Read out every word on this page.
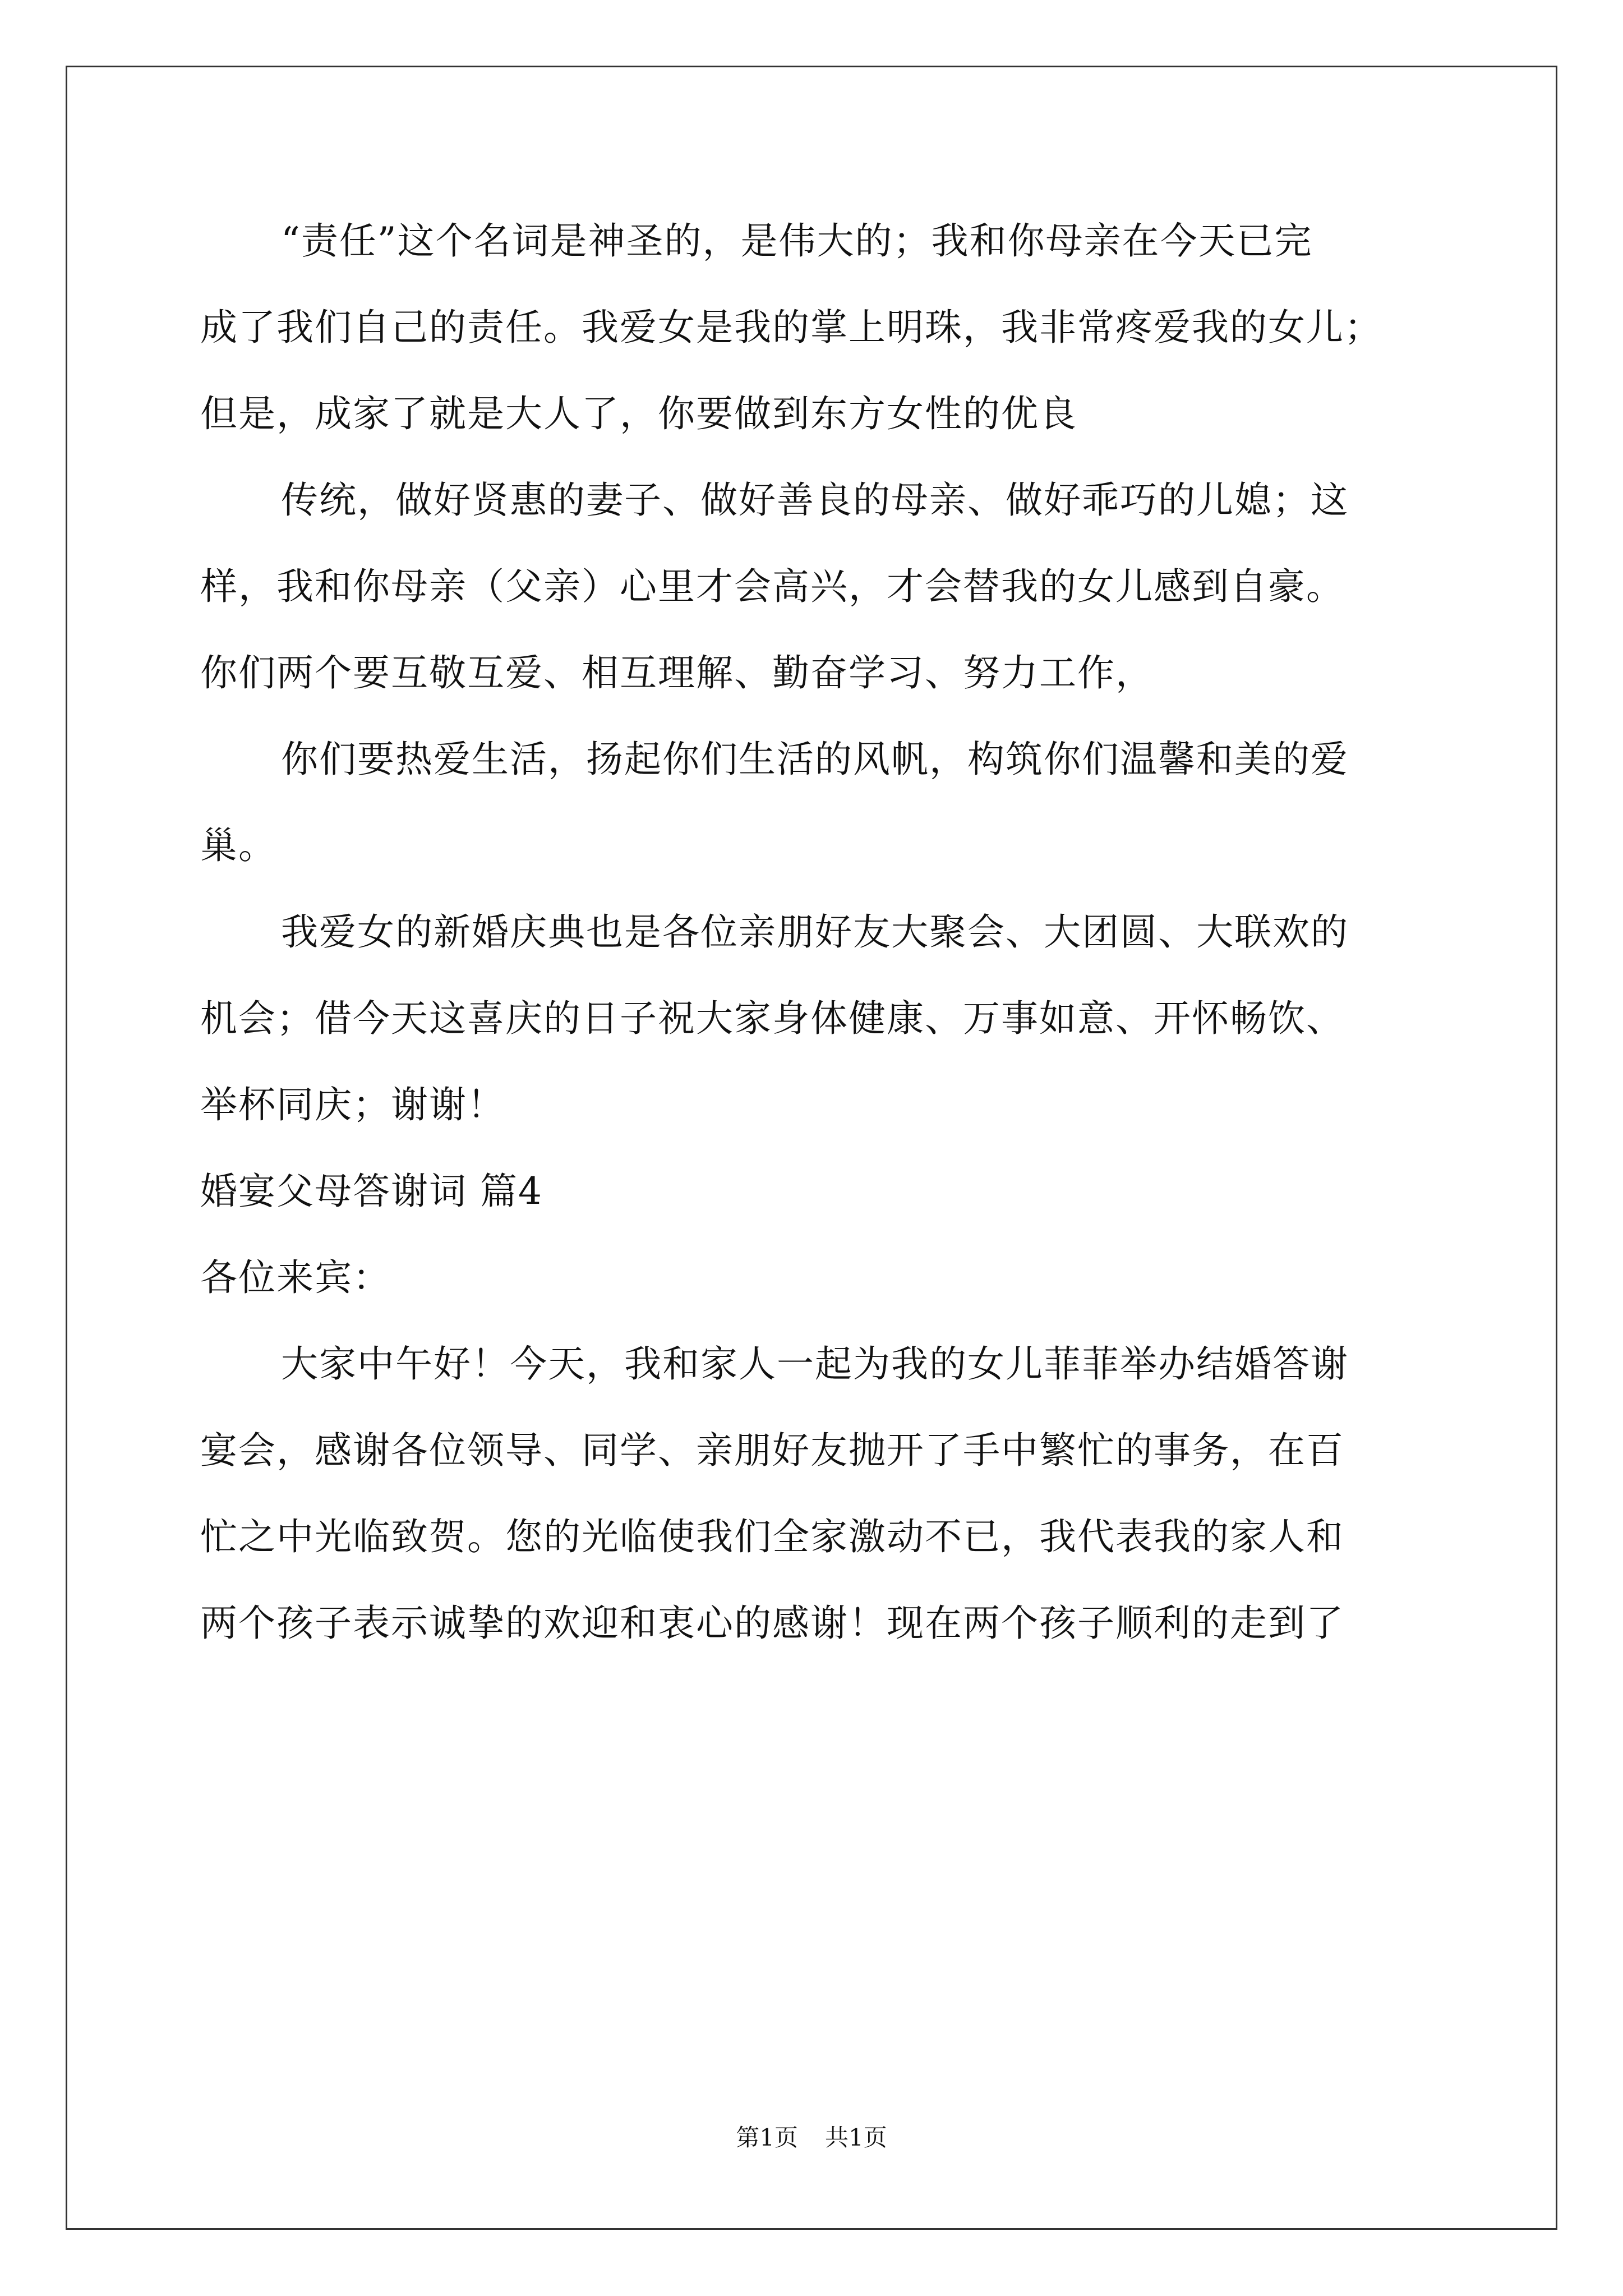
“责任”这个名词是神圣的，是伟大的；我和你母亲在今天已完
成了我们自己的责任。我爱女是我的掌上明珠，我非常疼爱我的女儿；
但是，成家了就是大人了，你要做到东方女性的优良
传统，做好贤惠的妻子、做好善良的母亲、做好乖巧的儿媳；这
样，我和你母亲（父亲）心里才会高兴，才会替我的女儿感到自豪。
你们两个要互敬互爱、相互理解、勤奋学习、努力工作，
你们要热爱生活，扬起你们生活的风帆，构筑你们温馨和美的爱
巢。
我爱女的新婚庆典也是各位亲朋好友大聚会、大团圆、大联欢的
机会；借今天这喜庆的日子祝大家身体健康、万事如意、开怀畅饮、
举杯同庆；谢谢！
婚宴父母答谢词 篇4
各位来宾：
大家中午好！今天，我和家人一起为我的女儿菲菲举办结婚答谢
宴会，感谢各位领导、同学、亲朋好友抛开了手中繁忙的事务，在百
忙之中光临致贺。您的光临使我们全家激动不已，我代表我的家人和
两个孩子表示诚挚的欢迎和衷心的感谢！现在两个孩子顺利的走到了
第1页 共1页
